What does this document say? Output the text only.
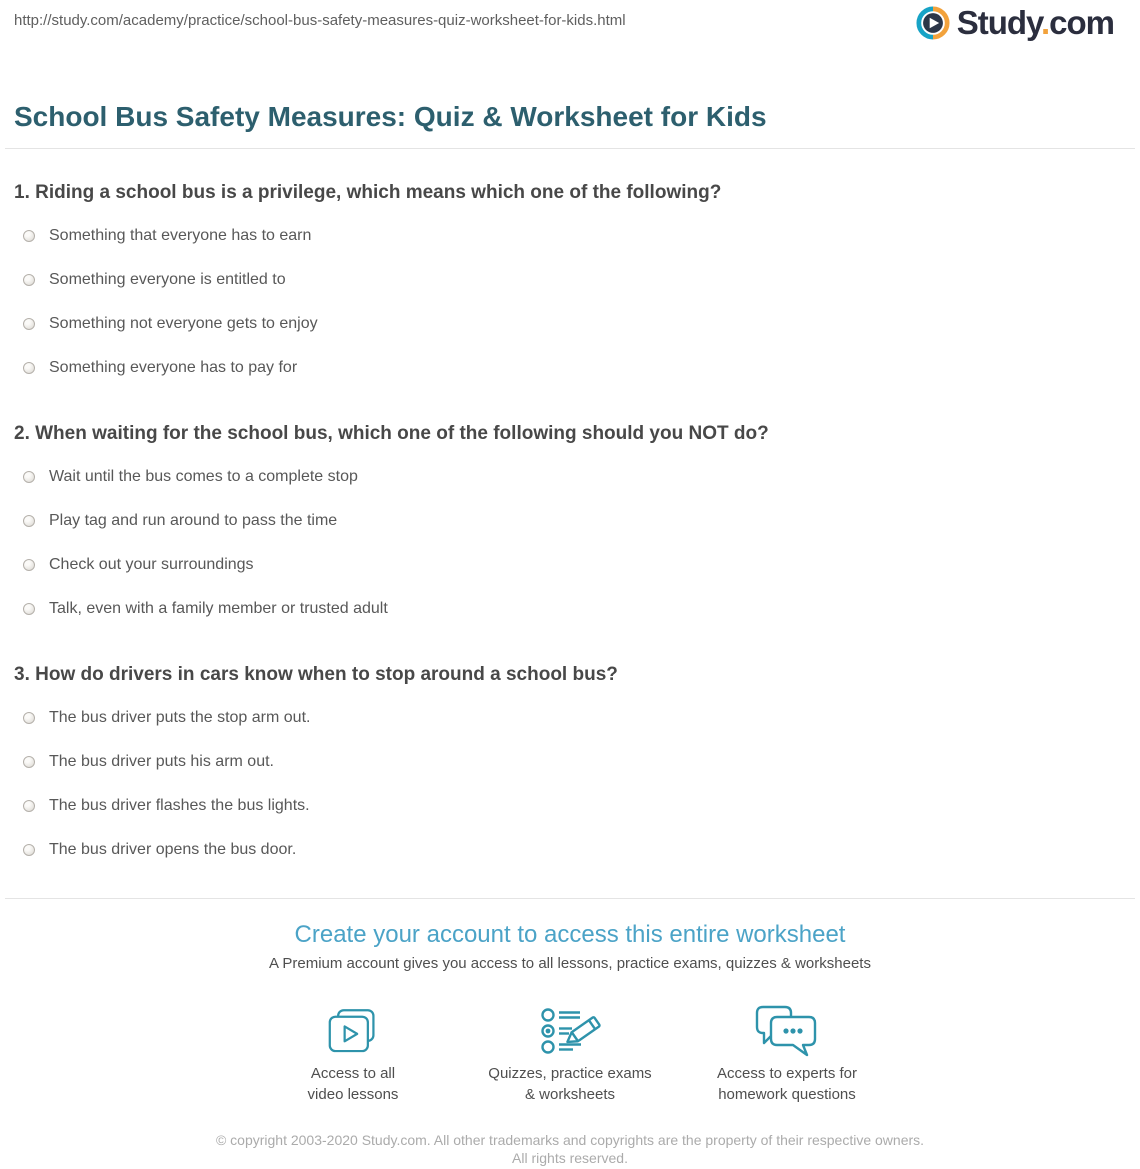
http://study.com/academy/practice/school-bus-safety-measures-quiz-worksheet-for-kids.html	Study.com
School Bus Safety Measures: Quiz & Worksheet for Kids
1. Riding a school bus is a privilege, which means which one of the following?
Something that everyone has to earn
Something everyone is entitled to
Something not everyone gets to enjoy
Something everyone has to pay for
2. When waiting for the school bus, which one of the following should you NOT do?
Wait until the bus comes to a complete stop
Play tag and run around to pass the time
Check out your surroundings
Talk, even with a family member or trusted adult
3. How do drivers in cars know when to stop around a school bus?
The bus driver puts the stop arm out.
The bus driver puts his arm out.
The bus driver flashes the bus lights.
The bus driver opens the bus door.
Create your account to access this entire worksheet

A Premium account gives you access to all lessons, practice exams, quizzes & worksheets

Access to all
video lessons
Quizzes, practice exams
& worksheets
Access to experts for
homework questions

© copyright 2003-2020 Study.com. All other trademarks and copyrights are the property of their respective owners. All rights reserved.
